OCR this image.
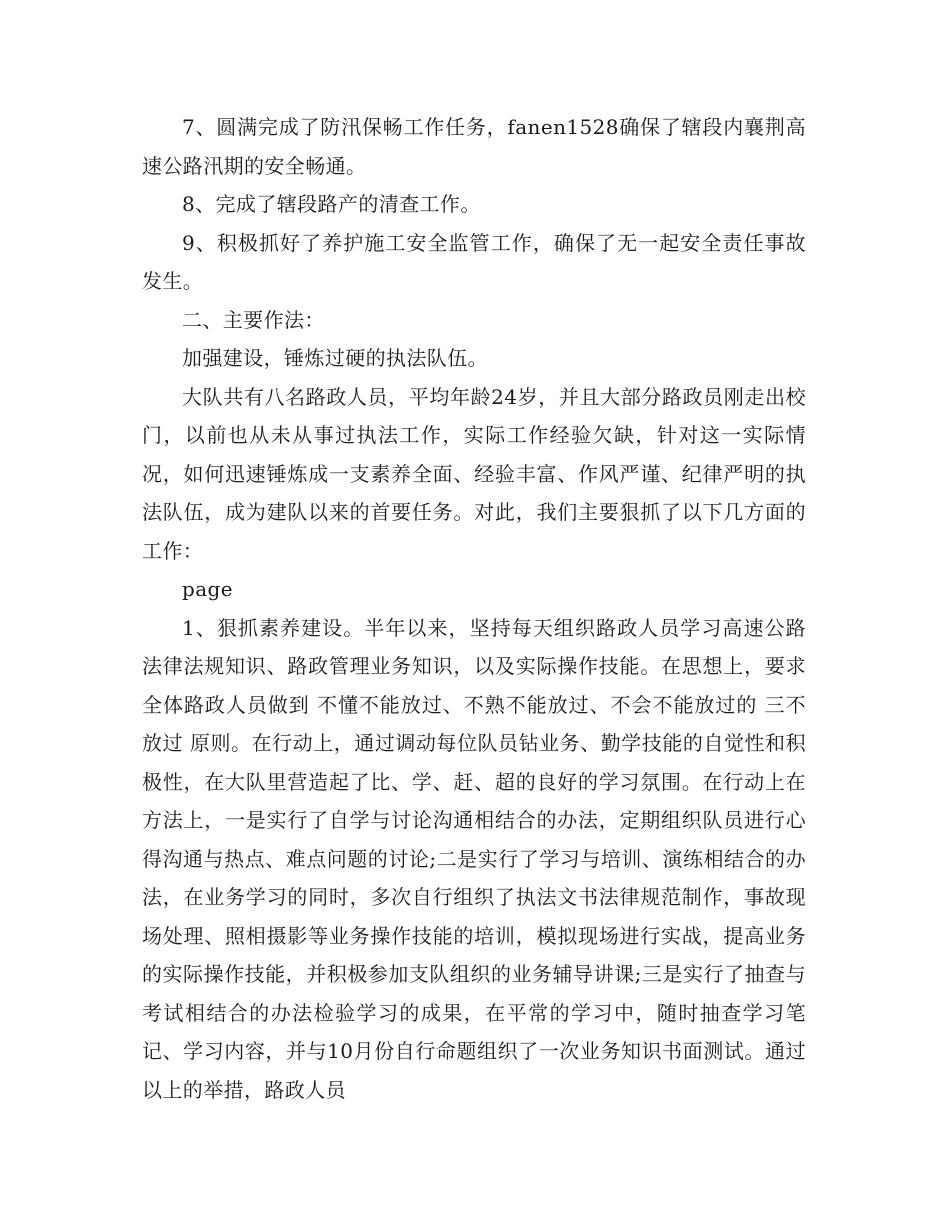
7、圆满完成了防汛保畅工作任务，fanen1528确保了辖段内襄荆高速公路汛期的安全畅通。

8、完成了辖段路产的清查工作。

9、积极抓好了养护施工安全监管工作，确保了无一起安全责任事故发生。

二、主要作法：

加强建设，锤炼过硬的执法队伍。

大队共有八名路政人员，平均年龄24岁，并且大部分路政员刚走出校门，以前也从未从事过执法工作，实际工作经验欠缺，针对这一实际情况，如何迅速锤炼成一支素养全面、经验丰富、作风严谨、纪律严明的执法队伍，成为建队以来的首要任务。对此，我们主要狠抓了以下几方面的工作：

page

1、狠抓素养建设。半年以来，坚持每天组织路政人员学习高速公路法律法规知识、路政管理业务知识，以及实际操作技能。在思想上，要求全体路政人员做到 不懂不能放过、不熟不能放过、不会不能放过的 三不放过 原则。在行动上，通过调动每位队员钻业务、勤学技能的自觉性和积极性，在大队里营造起了比、学、赶、超的良好的学习氛围。在行动上在方法上，一是实行了自学与讨论沟通相结合的办法，定期组织队员进行心得沟通与热点、难点问题的讨论;二是实行了学习与培训、演练相结合的办法，在业务学习的同时，多次自行组织了执法文书法律规范制作，事故现场处理、照相摄影等业务操作技能的培训，模拟现场进行实战，提高业务的实际操作技能，并积极参加支队组织的业务辅导讲课;三是实行了抽查与考试相结合的办法检验学习的成果，在平常的学习中，随时抽查学习笔记、学习内容，并与10月份自行命题组织了一次业务知识书面测试。通过以上的举措，路政人员
